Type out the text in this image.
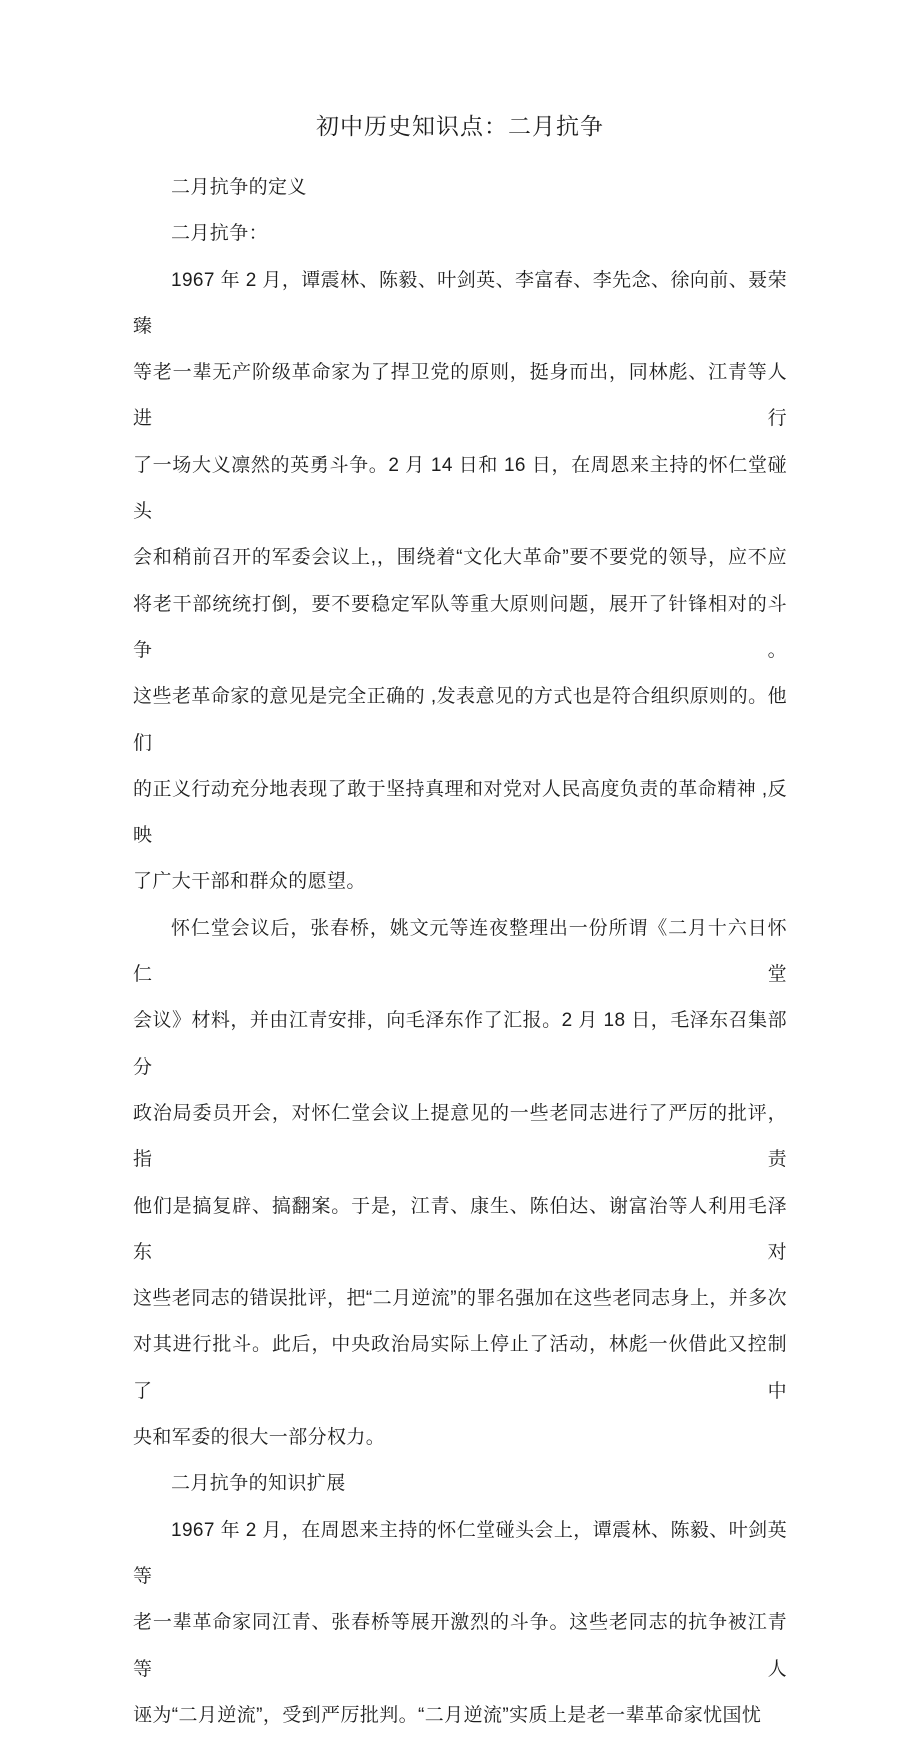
初中历史知识点：二月抗争
二月抗争的定义
二月抗争：
1967 年 2 月，谭震林、陈毅、叶剑英、李富春、李先念、徐向前、聂荣臻
等老一辈无产阶级革命家为了捍卫党的原则，挺身而出，同林彪、江青等人进行
了一场大义凛然的英勇斗争。2 月 14 日和 16 日，在周恩来主持的怀仁堂碰头
会和稍前召开的军委会议上,，围绕着“文化大革命”要不要党的领导，应不应
将老干部统统打倒，要不要稳定军队等重大原则问题，展开了针锋相对的斗争。
这些老革命家的意见是完全正确的 ,发表意见的方式也是符合组织原则的。他们
的正义行动充分地表现了敢于坚持真理和对党对人民高度负责的革命精神 ,反映
了广大干部和群众的愿望。
怀仁堂会议后，张春桥，姚文元等连夜整理出一份所谓《二月十六日怀仁堂
会议》材料，并由江青安排，向毛泽东作了汇报。2 月 18 日，毛泽东召集部分
政治局委员开会，对怀仁堂会议上提意见的一些老同志进行了严厉的批评，指责
他们是搞复辟、搞翻案。于是，江青、康生、陈伯达、谢富治等人利用毛泽东对
这些老同志的错误批评，把“二月逆流”的罪名强加在这些老同志身上，并多次
对其进行批斗。此后，中央政治局实际上停止了活动，林彪一伙借此又控制了中
央和军委的很大一部分权力。
二月抗争的知识扩展
1967 年 2 月，在周恩来主持的怀仁堂碰头会上，谭震林、陈毅、叶剑英等
老一辈革命家同江青、张春桥等展开激烈的斗争。这些老同志的抗争被江青等人
诬为“二月逆流”，受到严厉批判。“二月逆流”实质上是老一辈革命家忧国忧
